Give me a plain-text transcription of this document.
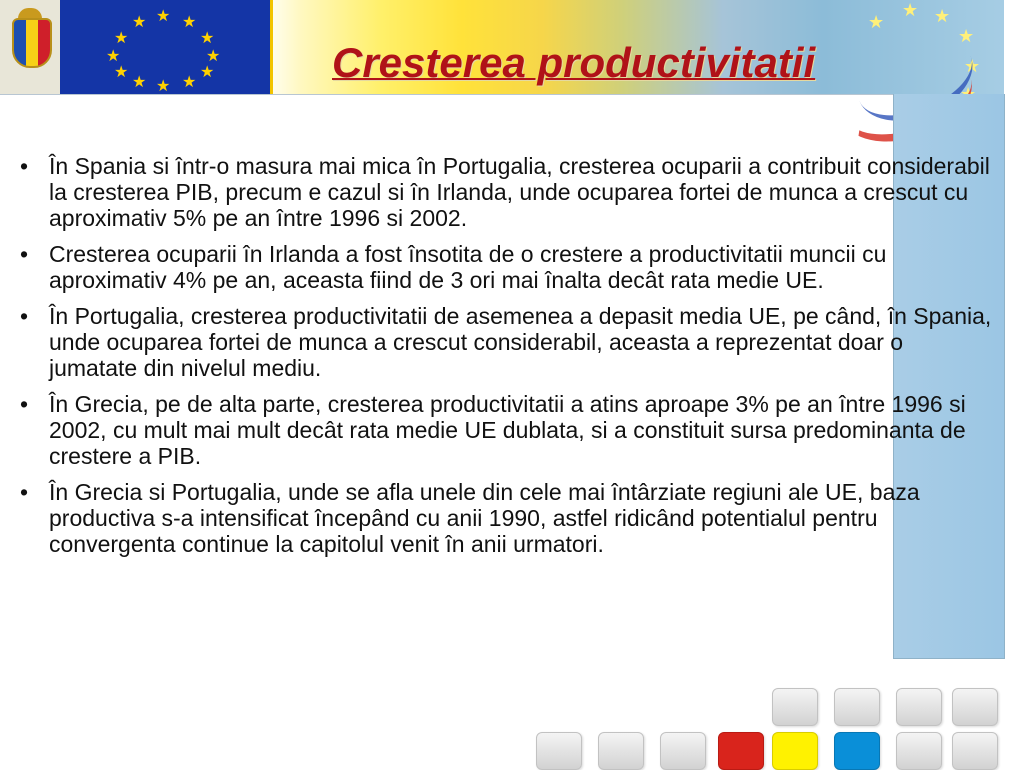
★ ★
★
★
★
★
★
★
★
★
★
★	★
★ ★
★
★
Cresterea productivitatii
• În Spania si într-o masura mai mica în Portugalia, cresterea ocuparii a contribuit considerabil la cresterea PIB, precum e cazul si în Irlanda, unde ocuparea fortei de munca a crescut cu aproximativ 5% pe an între 1996 si 2002.
• Cresterea ocuparii în Irlanda a fost însotita de o crestere a productivitatii muncii cu aproximativ 4% pe an, aceasta fiind de 3 ori mai înalta decât rata medie UE.
• În Portugalia, cresterea productivitatii de asemenea a depasit media UE, pe când, în Spania, unde ocuparea fortei de munca a crescut considerabil, aceasta a reprezentat doar o jumatate din nivelul mediu.
• În Grecia, pe de alta parte, cresterea productivitatii a atins aproape 3% pe an între 1996 si 2002, cu mult mai mult decât rata medie UE dublata, si a constituit sursa predominanta de crestere a PIB.
• În Grecia si Portugalia, unde se afla unele din cele mai întârziate regiuni ale UE, baza productiva s-a intensificat începând cu anii 1990, astfel ridicând potentialul pentru convergenta continue la capitolul venit în anii urmatori.
